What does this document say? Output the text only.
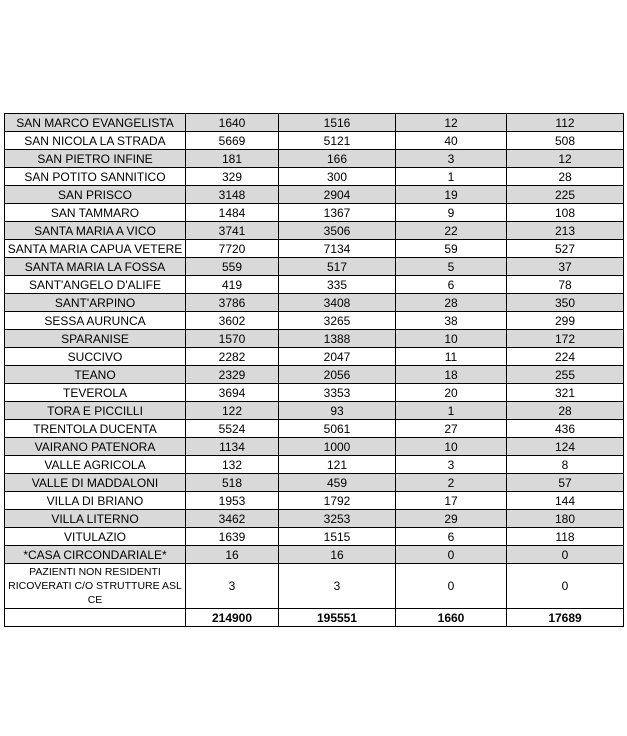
SAN MARCO EVANGELISTA	1640	1516	12	112
SAN NICOLA LA STRADA	5669	5121	40	508
SAN PIETRO INFINE	181	166	3	12
SAN POTITO SANNITICO	329	300	1	28
SAN PRISCO	3148	2904	19	225
SAN TAMMARO	1484	1367	9	108
SANTA MARIA A VICO	3741	3506	22	213
SANTA MARIA CAPUA VETERE	7720	7134	59	527
SANTA MARIA LA FOSSA	559	517	5	37
SANT'ANGELO D'ALIFE	419	335	6	78
SANT'ARPINO	3786	3408	28	350
SESSA AURUNCA	3602	3265	38	299
SPARANISE	1570	1388	10	172
SUCCIVO	2282	2047	11	224
TEANO	2329	2056	18	255
TEVEROLA	3694	3353	20	321
TORA E PICCILLI	122	93	1	28
TRENTOLA DUCENTA	5524	5061	27	436
VAIRANO PATENORA	1134	1000	10	124
VALLE AGRICOLA	132	121	3	8
VALLE DI MADDALONI	518	459	2	57
VILLA DI BRIANO	1953	1792	17	144
VILLA LITERNO	3462	3253	29	180
VITULAZIO	1639	1515	6	118
*CASA CIRCONDARIALE*	16	16	0	0
PAZIENTI NON RESIDENTI RICOVERATI C/O STRUTTURE ASL CE	3	3	0	0
	214900	195551	1660	17689
